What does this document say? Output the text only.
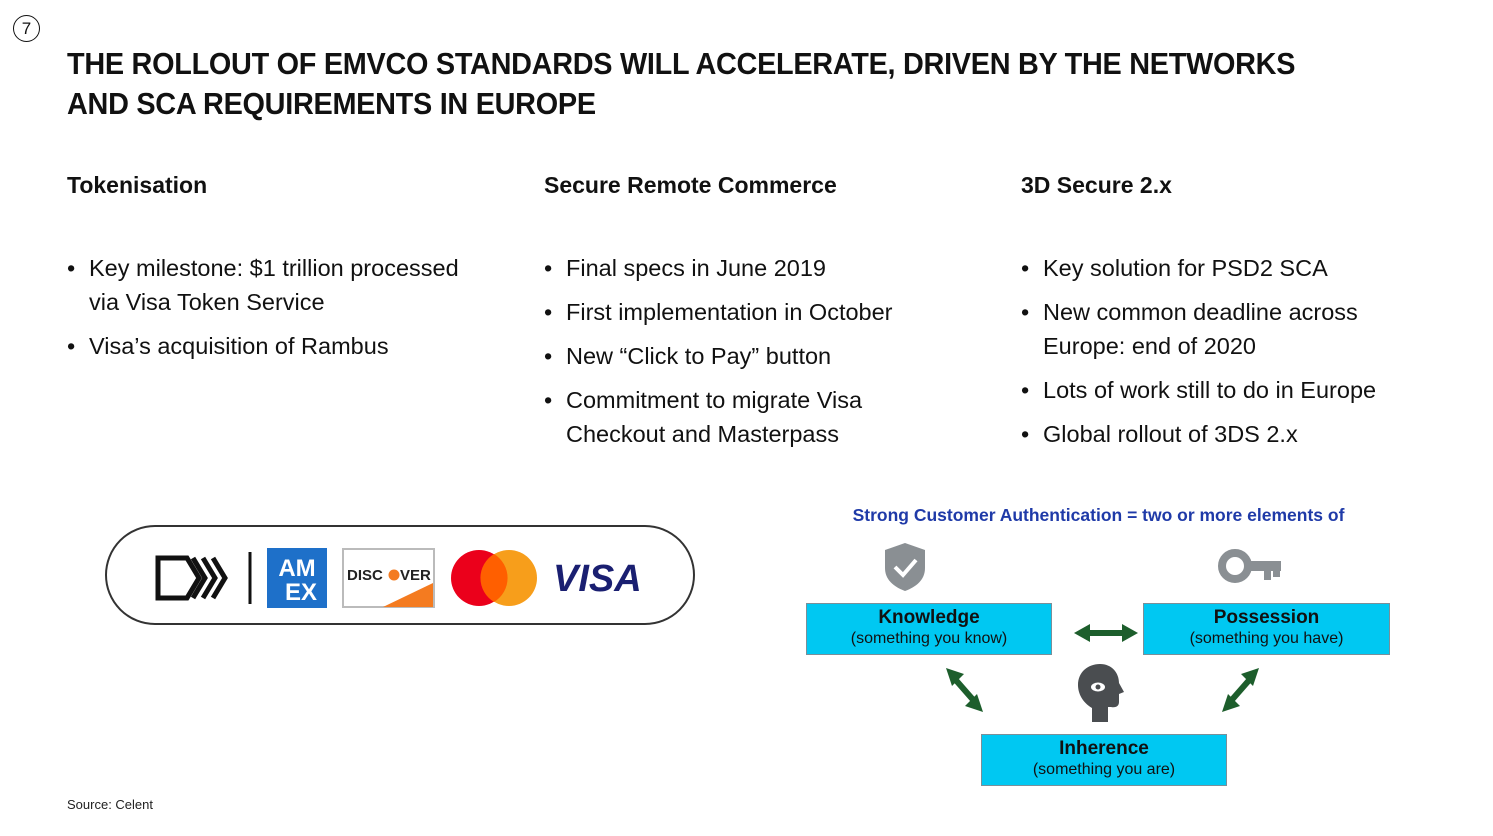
7
THE ROLLOUT OF EMVCO STANDARDS WILL ACCELERATE, DRIVEN BY THE NETWORKS AND SCA REQUIREMENTS IN EUROPE
Tokenisation
• Key milestone: $1 trillion processed via Visa Token Service
• Visa’s acquisition of Rambus
Secure Remote Commerce
• Final specs in June 2019
• First implementation in October
• New “Click to Pay” button
• Commitment to migrate Visa Checkout and Masterpass
3D Secure 2.x
• Key solution for PSD2 SCA
• New common deadline across Europe: end of 2020
• Lots of work still to do in Europe
• Global rollout of 3DS 2.x
AM
EX
DISC VER	VISA
Strong Customer Authentication = two or more elements of
Knowledge
(something you know)
Possession
(something you have)
Inherence
(something you are)
Source: Celent
